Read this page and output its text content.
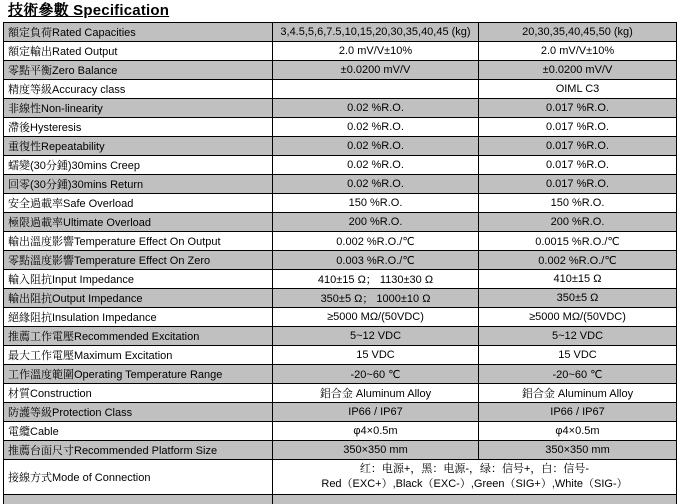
技術參數 Specification
額定負荷Rated Capacities	3,4.5,5,6,7.5,10,15,20,30,35,40,45 (kg)	20,30,35,40,45,50 (kg)
額定輸出Rated Output	2.0 mV/V±10%	2.0 mV/V±10%
零點平衡Zero Balance	±0.0200 mV/V	±0.0200 mV/V
精度等級Accuracy class		OIML C3
非線性Non-linearity	0.02 %R.O.	0.017 %R.O.
滯後Hysteresis	0.02 %R.O.	0.017 %R.O.
重復性Repeatability	0.02 %R.O.	0.017 %R.O.
蠕變(30分鍾)30mins Creep	0.02 %R.O.	0.017 %R.O.
回零(30分鍾)30mins Return	0.02 %R.O.	0.017 %R.O.
安全過載率Safe Overload	150 %R.O.	150 %R.O.
極限過載率Ultimate Overload	200 %R.O.	200 %R.O.
輸出溫度影響Temperature Effect On Output	0.002 %R.O./℃	0.0015 %R.O./℃
零點溫度影響Temperature Effect On Zero	0.003 %R.O./℃	0.002 %R.O./℃
輸入阻抗Input Impedance	410±15 Ω； 1130±30 Ω	410±15 Ω
輸出阻抗Output Impedance	350±5 Ω； 1000±10 Ω	350±5 Ω
絕緣阻抗Insulation Impedance	≥5000 MΩ/(50VDC)	≥5000 MΩ/(50VDC)
推薦工作電壓Recommended Excitation	5~12 VDC	5~12 VDC
最大工作電壓Maximum Excitation	15 VDC	15 VDC
工作溫度範圍Operating Temperature Range	-20~60 ℃	-20~60 ℃
材質Construction	鋁合金 Aluminum Alloy	鋁合金 Aluminum Alloy
防護等級Protection Class	IP66 / IP67	IP66 / IP67
電纜Cable	φ4×0.5m	φ4×0.5m
推薦台面尺寸Recommended Platform Size	350×350 mm	350×350 mm
接線方式Mode of Connection	红：电源+，黑：电源-，绿：信号+，白：信号-
Red（EXC+）,Black（EXC-）,Green（SIG+）,White（SIG-）	
